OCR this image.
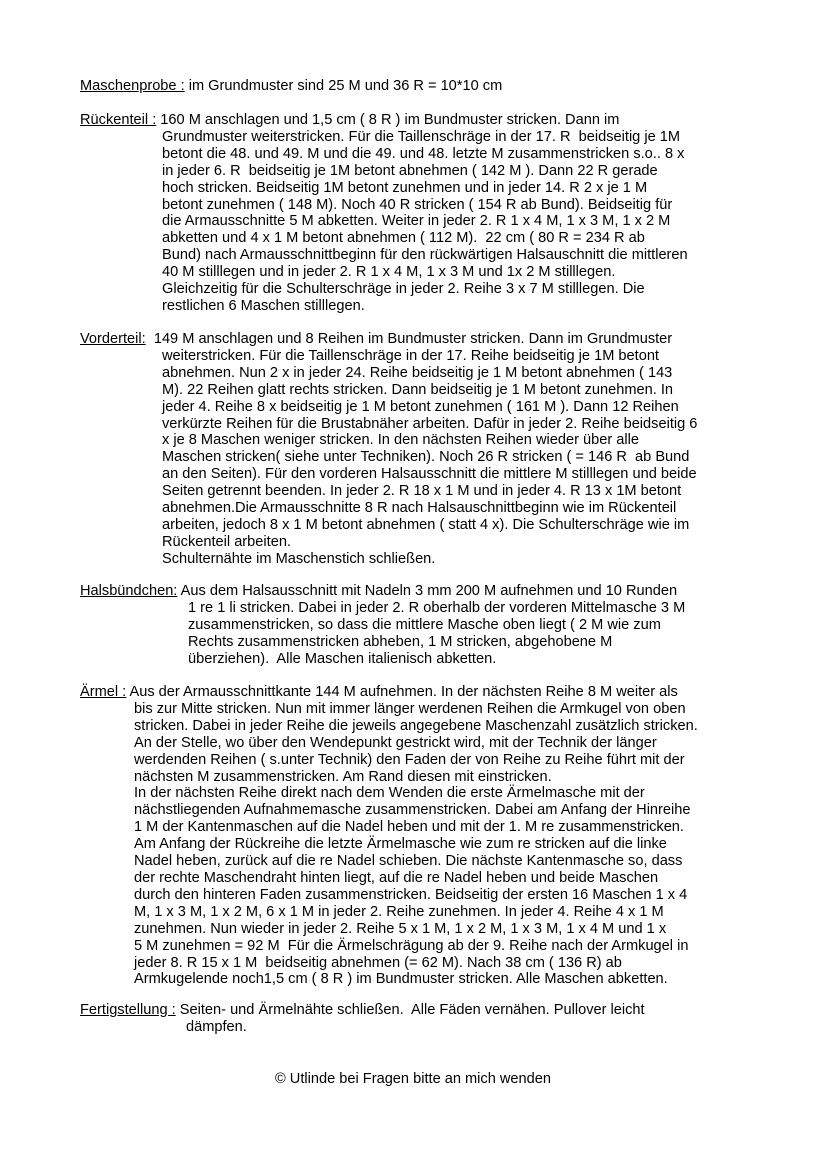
Maschenprobe : im Grundmuster sind 25 M und 36 R = 10*10 cm
Rückenteil : 160 M anschlagen und 1,5 cm ( 8 R ) im Bundmuster stricken. Dann im
Grundmuster weiterstricken. Für die Taillenschräge in der 17. R  beidseitig je 1M
betont die 48. und 49. M und die 49. und 48. letzte M zusammenstricken s.o.. 8 x
in jeder 6. R  beidseitig je 1M betont abnehmen ( 142 M ). Dann 22 R gerade
hoch stricken. Beidseitig 1M betont zunehmen und in jeder 14. R 2 x je 1 M
betont zunehmen ( 148 M). Noch 40 R stricken ( 154 R ab Bund). Beidseitig für
die Armausschnitte 5 M abketten. Weiter in jeder 2. R 1 x 4 M, 1 x 3 M, 1 x 2 M
abketten und 4 x 1 M betont abnehmen ( 112 M).  22 cm ( 80 R = 234 R ab
Bund) nach Armausschnittbeginn für den rückwärtigen Halsauschnitt die mittleren
40 M stilllegen und in jeder 2. R 1 x 4 M, 1 x 3 M und 1x 2 M stilllegen.
Gleichzeitig für die Schulterschräge in jeder 2. Reihe 3 x 7 M stilllegen. Die
restlichen 6 Maschen stilllegen.
Vorderteil:  149 M anschlagen und 8 Reihen im Bundmuster stricken. Dann im Grundmuster
weiterstricken. Für die Taillenschräge in der 17. Reihe beidseitig je 1M betont
abnehmen. Nun 2 x in jeder 24. Reihe beidseitig je 1 M betont abnehmen ( 143
M). 22 Reihen glatt rechts stricken. Dann beidseitig je 1 M betont zunehmen. In
jeder 4. Reihe 8 x beidseitig je 1 M betont zunehmen ( 161 M ). Dann 12 Reihen
verkürzte Reihen für die Brustabnäher arbeiten. Dafür in jeder 2. Reihe beidseitig 6
x je 8 Maschen weniger stricken. In den nächsten Reihen wieder über alle
Maschen stricken( siehe unter Techniken). Noch 26 R stricken ( = 146 R  ab Bund
an den Seiten). Für den vorderen Halsausschnitt die mittlere M stilllegen und beide
Seiten getrennt beenden. In jeder 2. R 18 x 1 M und in jeder 4. R 13 x 1M betont
abnehmen.Die Armausschnitte 8 R nach Halsauschnittbeginn wie im Rückenteil
arbeiten, jedoch 8 x 1 M betont abnehmen ( statt 4 x). Die Schulterschräge wie im
Rückenteil arbeiten.
Schulternähte im Maschenstich schließen.
Halsbündchen: Aus dem Halsausschnitt mit Nadeln 3 mm 200 M aufnehmen und 10 Runden
1 re 1 li stricken. Dabei in jeder 2. R oberhalb der vorderen Mittelmasche 3 M
zusammenstricken, so dass die mittlere Masche oben liegt ( 2 M wie zum
Rechts zusammenstricken abheben, 1 M stricken, abgehobene M
überziehen).  Alle Maschen italienisch abketten.
Ärmel : Aus der Armausschnittkante 144 M aufnehmen. In der nächsten Reihe 8 M weiter als
bis zur Mitte stricken. Nun mit immer länger werdenen Reihen die Armkugel von oben
stricken. Dabei in jeder Reihe die jeweils angegebene Maschenzahl zusätzlich stricken.
An der Stelle, wo über den Wendepunkt gestrickt wird, mit der Technik der länger
werdenden Reihen ( s.unter Technik) den Faden der von Reihe zu Reihe führt mit der
nächsten M zusammenstricken. Am Rand diesen mit einstricken.
In der nächsten Reihe direkt nach dem Wenden die erste Ärmelmasche mit der
nächstliegenden Aufnahmemasche zusammenstricken. Dabei am Anfang der Hinreihe
1 M der Kantenmaschen auf die Nadel heben und mit der 1. M re zusammenstricken.
Am Anfang der Rückreihe die letzte Ärmelmasche wie zum re stricken auf die linke
Nadel heben, zurück auf die re Nadel schieben. Die nächste Kantenmasche so, dass
der rechte Maschendraht hinten liegt, auf die re Nadel heben und beide Maschen
durch den hinteren Faden zusammenstricken. Beidseitig der ersten 16 Maschen 1 x 4
M, 1 x 3 M, 1 x 2 M, 6 x 1 M in jeder 2. Reihe zunehmen. In jeder 4. Reihe 4 x 1 M
zunehmen. Nun wieder in jeder 2. Reihe 5 x 1 M, 1 x 2 M, 1 x 3 M, 1 x 4 M und 1 x
5 M zunehmen = 92 M  Für die Ärmelschrägung ab der 9. Reihe nach der Armkugel in
jeder 8. R 15 x 1 M  beidseitig abnehmen (= 62 M). Nach 38 cm ( 136 R) ab
Armkugelende noch1,5 cm ( 8 R ) im Bundmuster stricken. Alle Maschen abketten.
Fertigstellung : Seiten- und Ärmelnähte schließen.  Alle Fäden vernähen. Pullover leicht
dämpfen.
© Utlinde bei Fragen bitte an mich wenden
